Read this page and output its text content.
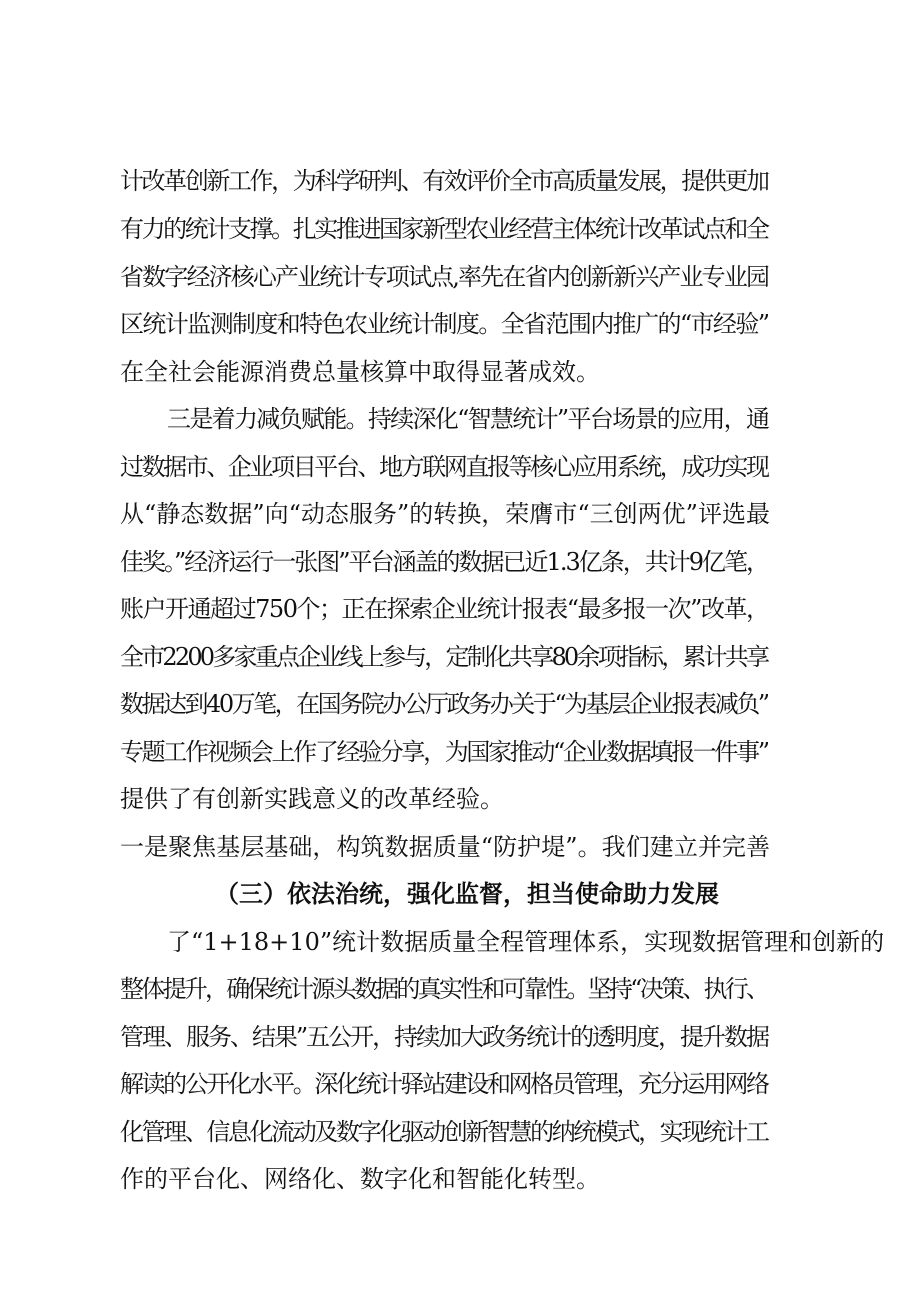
计改革创新工作，为科学研判、有效评价全市高质量发展，提供更加
有力的统计支撑。扎实推进国家新型农业经营主体统计改革试点和全
省数字经济核心产业统计专项试点,率先在省内创新新兴产业专业园
区统计监测制度和特色农业统计制度。全省范围内推广的“市经验”
在全社会能源消费总量核算中取得显著成效。
三是着力减负赋能。持续深化“智慧统计”平台场景的应用，通
过数据市、企业项目平台、地方联网直报等核心应用系统，成功实现
从“静态数据”向“动态服务”的转换，荣膺市“三创两优”评选最
佳奖。”经济运行一张图”平台涵盖的数据已近1.3亿条，共计9亿笔，
账户开通超过750个；正在探索企业统计报表“最多报一次”改革，
全市2200多家重点企业线上参与，定制化共享80余项指标，累计共享
数据达到40万笔，在国务院办公厅政务办关于“为基层企业报表减负”
专题工作视频会上作了经验分享，为国家推动“企业数据填报一件事”
提供了有创新实践意义的改革经验。
一是聚焦基层基础，构筑数据质量“防护堤”。我们建立并完善
（三）依法治统，强化监督，担当使命助力发展
了“1+18+10”统计数据质量全程管理体系，实现数据管理和创新的
整体提升，确保统计源头数据的真实性和可靠性。坚持“决策、执行、
管理、服务、结果”五公开，持续加大政务统计的透明度，提升数据
解读的公开化水平。深化统计驿站建设和网格员管理，充分运用网络
化管理、信息化流动及数字化驱动创新智慧的纳统模式，实现统计工
作的平台化、网络化、数字化和智能化转型。
